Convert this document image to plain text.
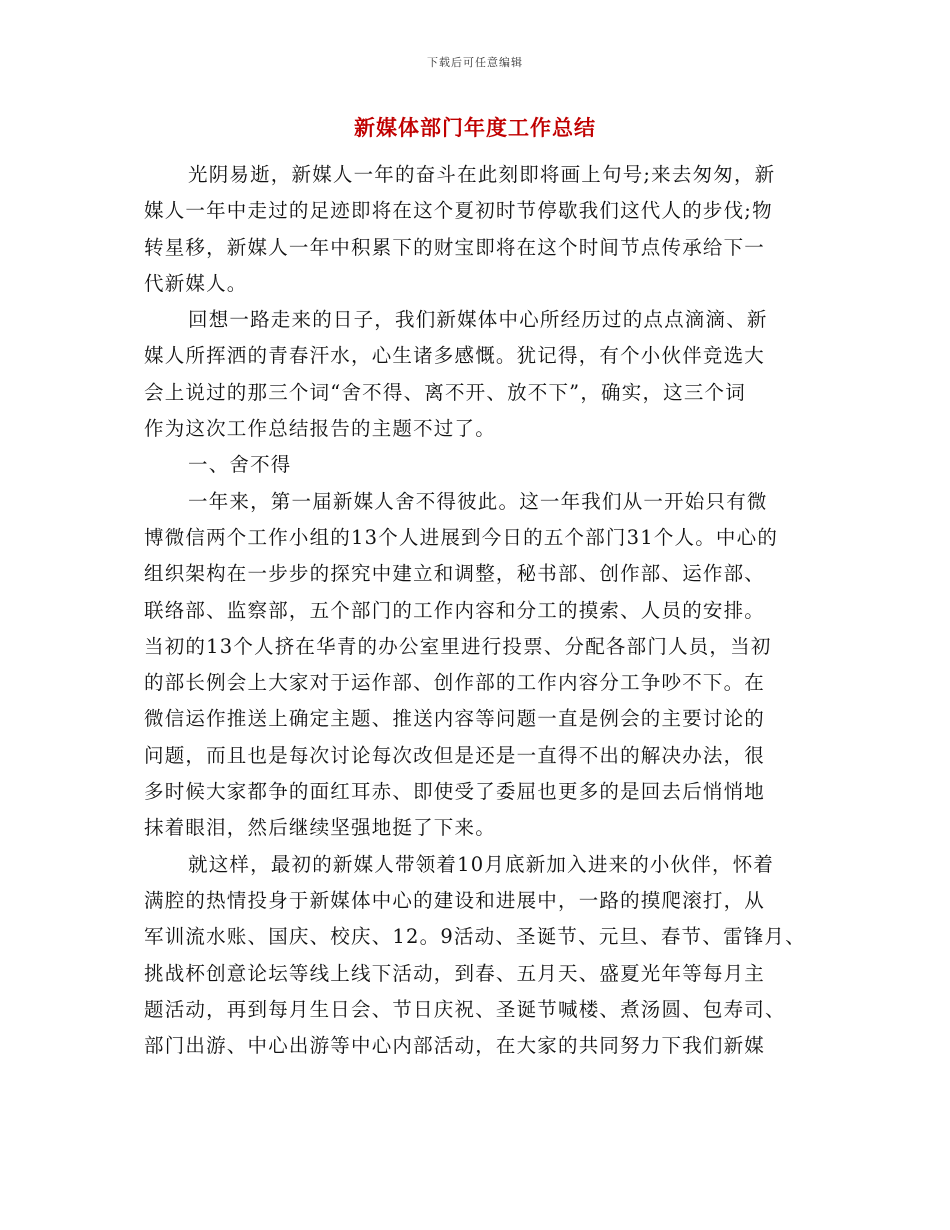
下载后可任意编辑
新媒体部门年度工作总结
光阴易逝，新媒人一年的奋斗在此刻即将画上句号;来去匆匆，新
媒人一年中走过的足迹即将在这个夏初时节停歇我们这代人的步伐;物
转星移，新媒人一年中积累下的财宝即将在这个时间节点传承给下一
代新媒人。
回想一路走来的日子，我们新媒体中心所经历过的点点滴滴、新
媒人所挥洒的青春汗水，心生诸多感慨。犹记得，有个小伙伴竞选大
会上说过的那三个词“舍不得、离不开、放不下”，确实，这三个词
作为这次工作总结报告的主题不过了。
一、舍不得
一年来，第一届新媒人舍不得彼此。这一年我们从一开始只有微
博微信两个工作小组的13个人进展到今日的五个部门31个人。中心的
组织架构在一步步的探究中建立和调整，秘书部、创作部、运作部、
联络部、监察部，五个部门的工作内容和分工的摸索、人员的安排。
当初的13个人挤在华青的办公室里进行投票、分配各部门人员，当初
的部长例会上大家对于运作部、创作部的工作内容分工争吵不下。在
微信运作推送上确定主题、推送内容等问题一直是例会的主要讨论的
问题，而且也是每次讨论每次改但是还是一直得不出的解决办法，很
多时候大家都争的面红耳赤、即使受了委屈也更多的是回去后悄悄地
抹着眼泪，然后继续坚强地挺了下来。
就这样，最初的新媒人带领着10月底新加入进来的小伙伴，怀着
满腔的热情投身于新媒体中心的建设和进展中，一路的摸爬滚打，从
军训流水账、国庆、校庆、12。9活动、圣诞节、元旦、春节、雷锋月、
挑战杯创意论坛等线上线下活动，到春、五月天、盛夏光年等每月主
题活动，再到每月生日会、节日庆祝、圣诞节喊楼、煮汤圆、包寿司、
部门出游、中心出游等中心内部活动，在大家的共同努力下我们新媒
